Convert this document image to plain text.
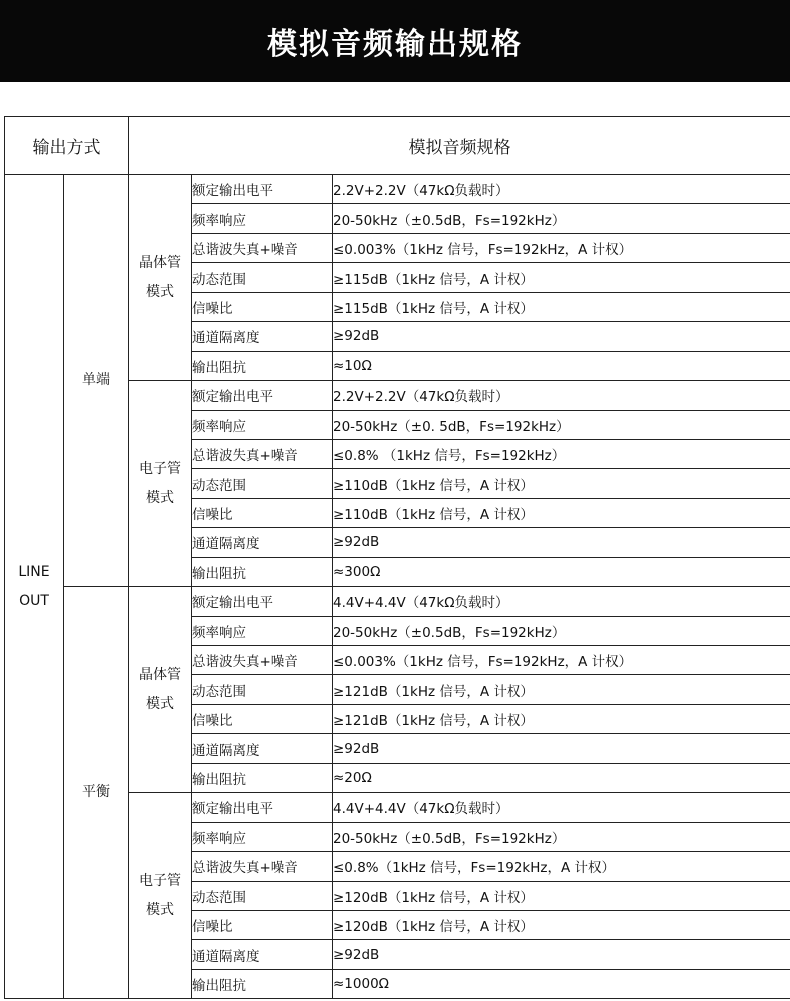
模拟音频输出规格
输出方式		模拟音频规格		
LINE OUT	单端	晶体管 模式	额定输出电平	2.2V+2.2V（47kΩ负载时）
			频率响应	20-50kHz（±0.5dB，Fs=192kHz）
			总谐波失真+噪音	≤0.003%（1kHz 信号，Fs=192kHz，A 计权）
			动态范围	≥115dB（1kHz 信号，A 计权）
			信噪比	≥115dB（1kHz 信号，A 计权）
			通道隔离度	≥92dB
			输出阻抗	≈10Ω
		电子管 模式	额定输出电平	2.2V+2.2V（47kΩ负载时）
			频率响应	20-50kHz（±0. 5dB，Fs=192kHz）
			总谐波失真+噪音	≤0.8% （1kHz 信号，Fs=192kHz）
			动态范围	≥110dB（1kHz 信号，A 计权）
			信噪比	≥110dB（1kHz 信号，A 计权）
			通道隔离度	≥92dB
			输出阻抗	≈300Ω
	平衡	晶体管 模式	额定输出电平	4.4V+4.4V（47kΩ负载时）
			频率响应	20-50kHz（±0.5dB，Fs=192kHz）
			总谐波失真+噪音	≤0.003%（1kHz 信号，Fs=192kHz，A 计权）
			动态范围	≥121dB（1kHz 信号，A 计权）
			信噪比	≥121dB（1kHz 信号，A 计权）
			通道隔离度	≥92dB
			输出阻抗	≈20Ω
		电子管 模式	额定输出电平	4.4V+4.4V（47kΩ负载时）
			频率响应	20-50kHz（±0.5dB，Fs=192kHz）
			总谐波失真+噪音	≤0.8%（1kHz 信号，Fs=192kHz，A 计权）
			动态范围	≥120dB（1kHz 信号，A 计权）
			信噪比	≥120dB（1kHz 信号，A 计权）
			通道隔离度	≥92dB
			输出阻抗	≈1000Ω
